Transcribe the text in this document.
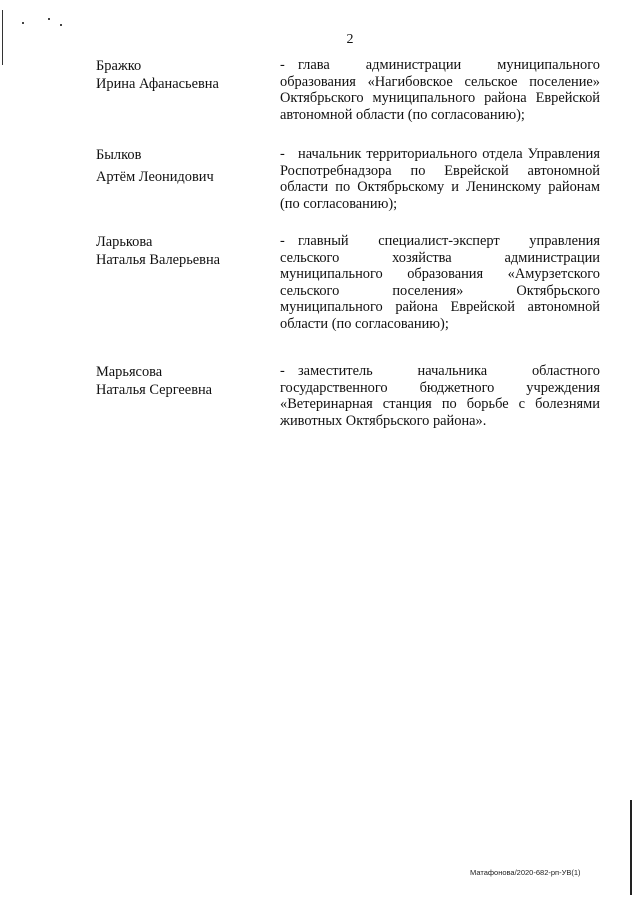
2
Бражко
Ирина Афанасьевна
- глава администрации муниципального образования «Нагибовское сельское поселение» Октябрьского муниципального района Еврейской автономной области (по согласованию);
Былков
Артём Леонидович
- начальник территориального отдела Управления Роспотребнадзора по Еврейской автономной области по Октябрьскому и Ленинскому районам (по согласованию);
Ларькова
Наталья Валерьевна
- главный специалист-эксперт управления сельского хозяйства администрации муниципального образования «Амурзетского сельского поселения» Октябрьского муниципального района Еврейской автономной области (по согласованию);
Марьясова
Наталья Сергеевна
- заместитель начальника областного государственного бюджетного учреждения «Ветеринарная станция по борьбе с болезнями животных Октябрьского района».
Матафонова/2020-682-рп-УВ(1)
